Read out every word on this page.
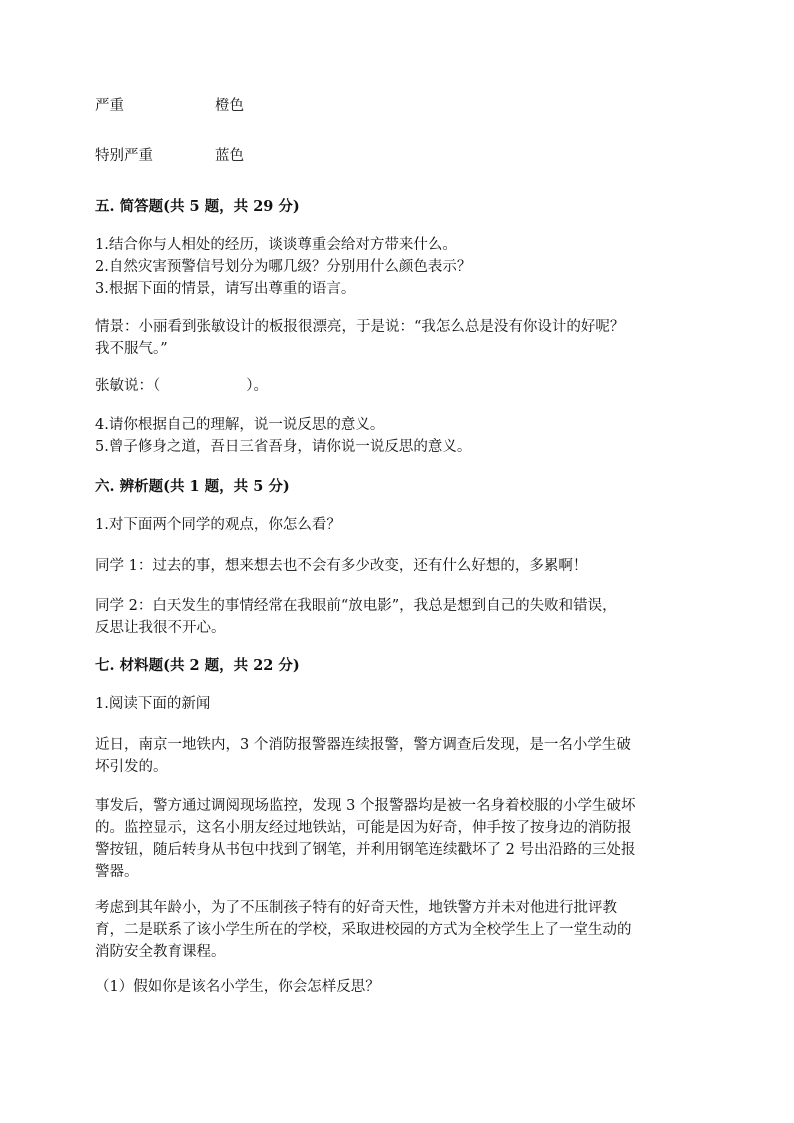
严重	橙色
特别严重	蓝色
五. 简答题(共 5 题，共 29 分)
1.结合你与人相处的经历，谈谈尊重会给对方带来什么。
2.自然灾害预警信号划分为哪几级？分别用什么颜色表示？
3.根据下面的情景，请写出尊重的语言。
情景：小丽看到张敏设计的板报很漂亮，于是说：“我怎么总是没有你设计的好呢？
我不服气。”
张敏说：（	）。
4.请你根据自己的理解，说一说反思的意义。
5.曾子修身之道，吾日三省吾身，请你说一说反思的意义。
六. 辨析题(共 1 题，共 5 分)
1.对下面两个同学的观点，你怎么看？
同学 1：过去的事，想来想去也不会有多少改变，还有什么好想的，多累啊！
同学 2：白天发生的事情经常在我眼前“放电影”，我总是想到自己的失败和错误，
反思让我很不开心。
七. 材料题(共 2 题，共 22 分)
1.阅读下面的新闻
近日，南京一地铁内，3 个消防报警器连续报警，警方调查后发现，是一名小学生破
坏引发的。
事发后，警方通过调阅现场监控，发现 3 个报警器均是被一名身着校服的小学生破坏
的。监控显示，这名小朋友经过地铁站，可能是因为好奇，伸手按了按身边的消防报
警按钮，随后转身从书包中找到了钢笔，并利用钢笔连续戳坏了 2 号出沿路的三处报
警器。
考虑到其年龄小，为了不压制孩子特有的好奇天性，地铁警方并未对他进行批评教
育，二是联系了该小学生所在的学校，采取进校园的方式为全校学生上了一堂生动的
消防安全教育课程。
（1）假如你是该名小学生，你会怎样反思？
